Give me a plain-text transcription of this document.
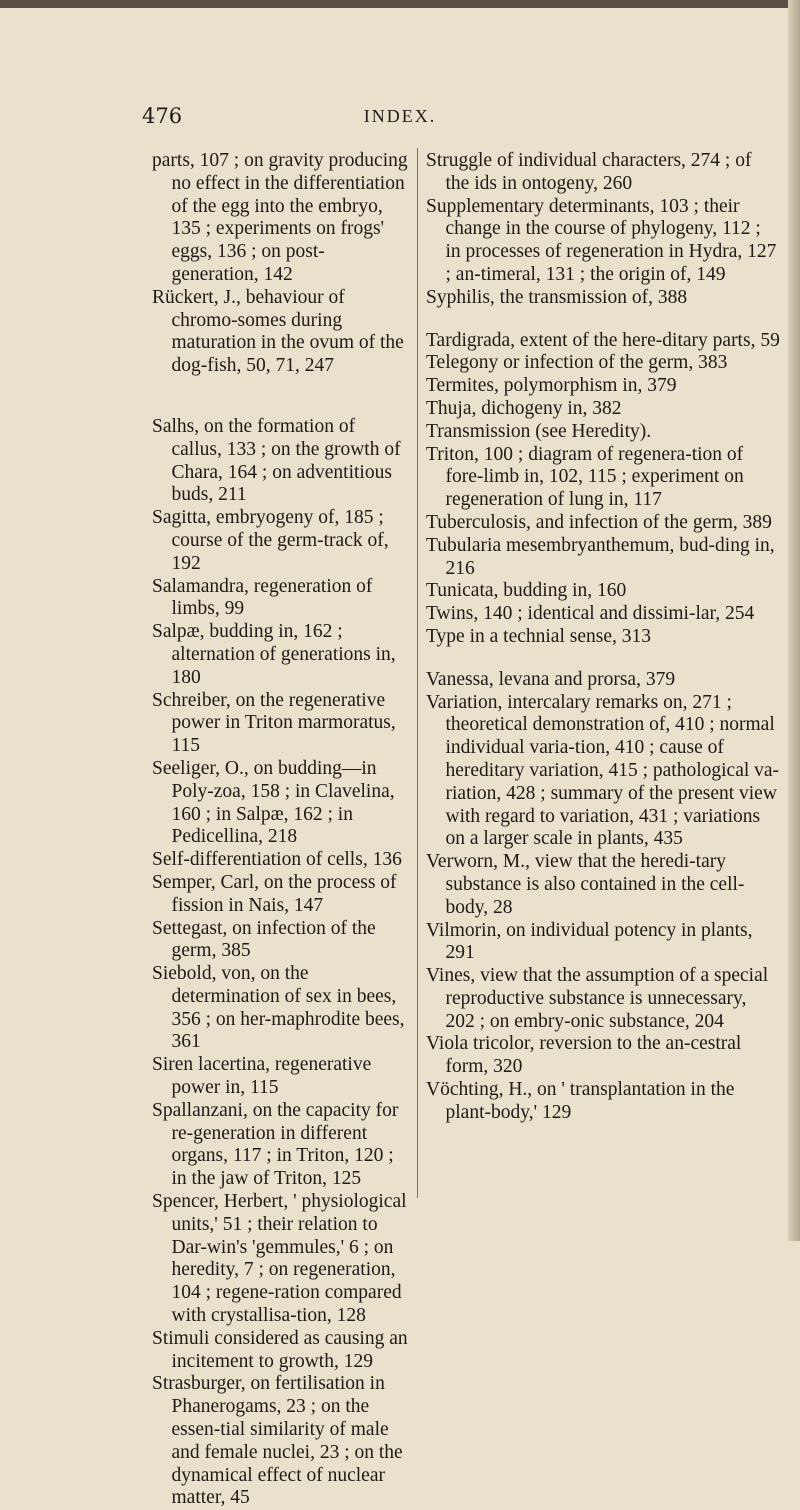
476	INDEX.

parts, 107 ; on gravity producing no effect in the differentiation of the egg into the embryo, 135 ; experiments on frogs' eggs, 136 ; on post-generation, 142

Rückert, J., behaviour of chromo-somes during maturation in the ovum of the dog-fish, 50, 71, 247

Salhs, on the formation of callus, 133 ; on the growth of Chara, 164 ; on adventitious buds, 211

Sagitta, embryogeny of, 185 ; course of the germ-track of, 192

Salamandra, regeneration of limbs, 99

Salpæ, budding in, 162 ; alternation of generations in, 180

Schreiber, on the regenerative power in Triton marmoratus, 115

Seeliger, O., on budding—in Poly-zoa, 158 ; in Clavelina, 160 ; in Salpæ, 162 ; in Pedicellina, 218

Self-differentiation of cells, 136

Semper, Carl, on the process of fission in Nais, 147

Settegast, on infection of the germ, 385

Siebold, von, on the determination of sex in bees, 356 ; on her-maphrodite bees, 361

Siren lacertina, regenerative power in, 115

Spallanzani, on the capacity for re-generation in different organs, 117 ; in Triton, 120 ; in the jaw of Triton, 125

Spencer, Herbert, ' physiological units,' 51 ; their relation to Dar-win's 'gemmules,' 6 ; on heredity, 7 ; on regeneration, 104 ; regene-ration compared with crystallisa-tion, 128

Stimuli considered as causing an incitement to growth, 129

Strasburger, on fertilisation in Phanerogams, 23 ; on the essen-tial similarity of male and female nuclei, 23 ; on the dynamical effect of nuclear matter, 45

Struggle of individual characters, 274 ; of the ids in ontogeny, 260

Supplementary determinants, 103 ; their change in the course of phylogeny, 112 ; in processes of regeneration in Hydra, 127 ; an-timeral, 131 ; the origin of, 149

Syphilis, the transmission of, 388

Tardigrada, extent of the here-ditary parts, 59

Telegony or infection of the germ, 383

Termites, polymorphism in, 379

Thuja, dichogeny in, 382

Transmission (see Heredity).

Triton, 100 ; diagram of regenera-tion of fore-limb in, 102, 115 ; experiment on regeneration of lung in, 117

Tuberculosis, and infection of the germ, 389

Tubularia mesembryanthemum, bud-ding in, 216

Tunicata, budding in, 160

Twins, 140 ; identical and dissimi-lar, 254

Type in a technial sense, 313

Vanessa, levana and prorsa, 379

Variation, intercalary remarks on, 271 ; theoretical demonstration of, 410 ; normal individual varia-tion, 410 ; cause of hereditary variation, 415 ; pathological va-riation, 428 ; summary of the present view with regard to variation, 431 ; variations on a larger scale in plants, 435

Verworn, M., view that the heredi-tary substance is also contained in the cell-body, 28

Vilmorin, on individual potency in plants, 291

Vines, view that the assumption of a special reproductive substance is unnecessary, 202 ; on embry-onic substance, 204

Viola tricolor, reversion to the an-cestral form, 320

Vöchting, H., on ' transplantation in the plant-body,' 129
